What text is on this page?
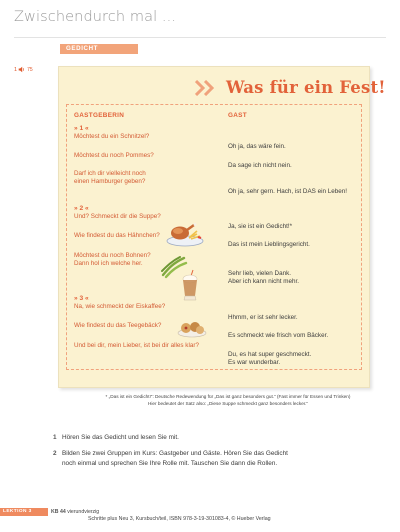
Zwischendurch mal ...
GEDICHT
1 75
Was für ein Fest!
GASTGEBERIN	GAST
» 1 «
Möchtest du ein Schnitzel?
Möchtest du noch Pommes?
Darf ich dir vielleicht noch
einen Hamburger geben?
» 2 «
Und? Schmeckt dir die Suppe?
Wie findest du das Hähnchen?
Möchtest du noch Bohnen?
Dann hol ich welche her.
» 3 «
Na, wie schmeckt der Eiskaffee?
Wie findest du das Teegebäck?
Und bei dir, mein Lieber, ist bei dir alles klar?
Oh ja, das wäre fein.
Da sage ich nicht nein.
Oh ja, sehr gern. Hach, ist DAS ein Leben!
Ja, sie ist ein Gedicht!*
Das ist mein Lieblingsgericht.
Sehr lieb, vielen Dank.
Aber ich kann nicht mehr.
Hhmm, er ist sehr lecker.
Es schmeckt wie frisch vom Bäcker.
Du, es hat super geschmeckt.
Es war wunderbar.
* „Das ist ein Gedicht!“: Deutsche Redewendung für „Das ist ganz besonders gut.“ (Fast immer für Essen und Trinken)
Hier bedeutet der Satz also: „Diese Suppe schmeckt ganz besonders lecker.“
1 Hören Sie das Gedicht und lesen Sie mit.
2 Bilden Sie zwei Gruppen im Kurs: Gastgeber und Gäste. Hören Sie das Gedicht
noch einmal und sprechen Sie Ihre Rolle mit. Tauschen Sie dann die Rollen.
LEKTION 3	KB 44 vierundvierzig
Schritte plus Neu 3, Kursbuch/teil, ISBN 978-3-19-301083-4, © Hueber Verlag
